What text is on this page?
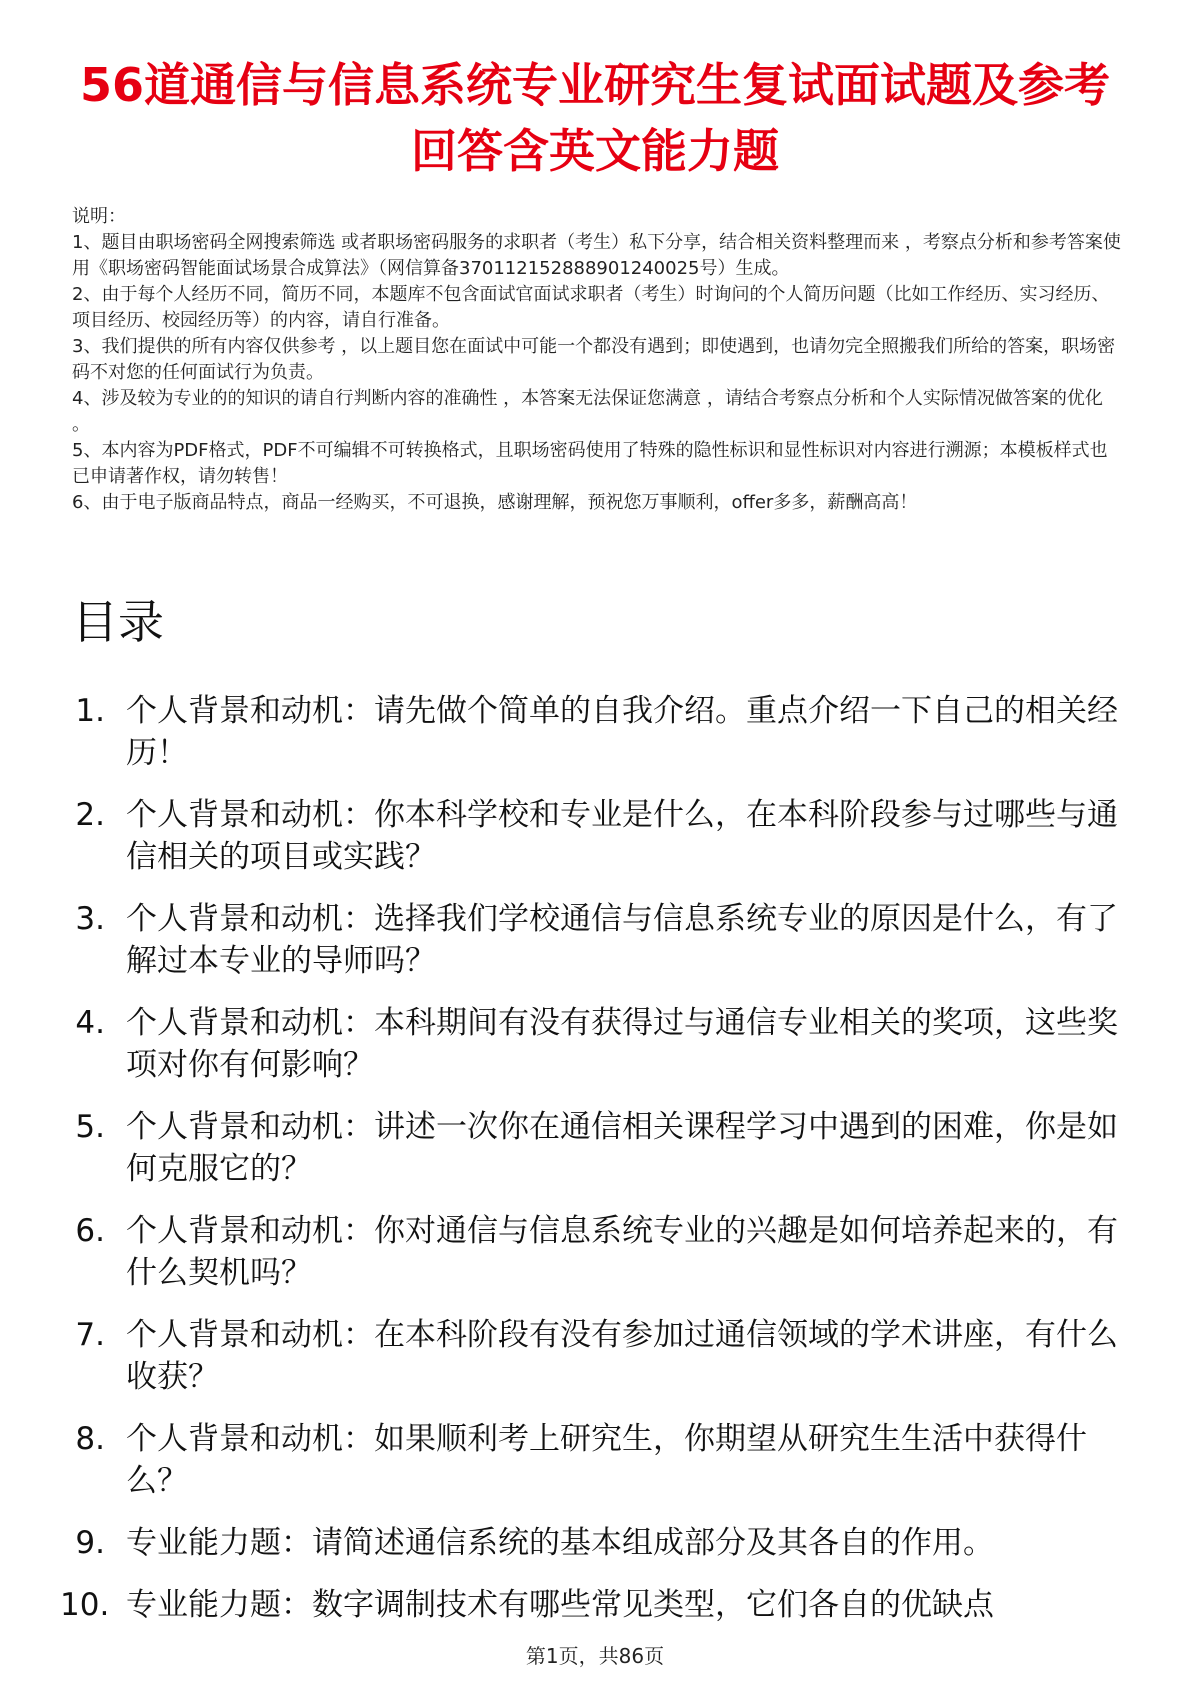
56道通信与信息系统专业研究生复试面试题及参考回答含英文能力题

说明：

1、题目由职场密码全网搜索筛选 或者职场密码服务的求职者（考生）私下分享，结合相关资料整理而来 ，考察点分析和参考答案使用《职场密码智能面试场景合成算法》（网信算备370112152888901240025号）生成。

2、由于每个人经历不同，简历不同，本题库不包含面试官面试求职者（考生）时询问的个人简历问题（比如工作经历、实习经历、项目经历、校园经历等）的内容，请自行准备。

3、我们提供的所有内容仅供参考 ，以上题目您在面试中可能一个都没有遇到；即使遇到，也请勿完全照搬我们所给的答案，职场密码不对您的任何面试行为负责。

4、涉及较为专业的的知识的请自行判断内容的准确性 ，本答案无法保证您满意 ，请结合考察点分析和个人实际情况做答案的优化 。

5、本内容为PDF格式，PDF不可编辑不可转换格式，且职场密码使用了特殊的隐性标识和显性标识对内容进行溯源；本模板样式也已申请著作权，请勿转售！

6、由于电子版商品特点，商品一经购买，不可退换，感谢理解，预祝您万事顺利，offer多多，薪酬高高！

目录
1. 个人背景和动机：请先做个简单的自我介绍。重点介绍一下自己的相关经历！
2. 个人背景和动机：你本科学校和专业是什么，在本科阶段参与过哪些与通信相关的项目或实践？
3. 个人背景和动机：选择我们学校通信与信息系统专业的原因是什么，有了解过本专业的导师吗？
4. 个人背景和动机：本科期间有没有获得过与通信专业相关的奖项，这些奖项对你有何影响？
5. 个人背景和动机：讲述一次你在通信相关课程学习中遇到的困难，你是如何克服它的？
6. 个人背景和动机：你对通信与信息系统专业的兴趣是如何培养起来的，有什么契机吗？
7. 个人背景和动机：在本科阶段有没有参加过通信领域的学术讲座，有什么收获？
8. 个人背景和动机：如果顺利考上研究生，你期望从研究生生活中获得什么？
9. 专业能力题：请简述通信系统的基本组成部分及其各自的作用。
10. 专业能力题：数字调制技术有哪些常见类型，它们各自的优缺点
第1页，共86页
